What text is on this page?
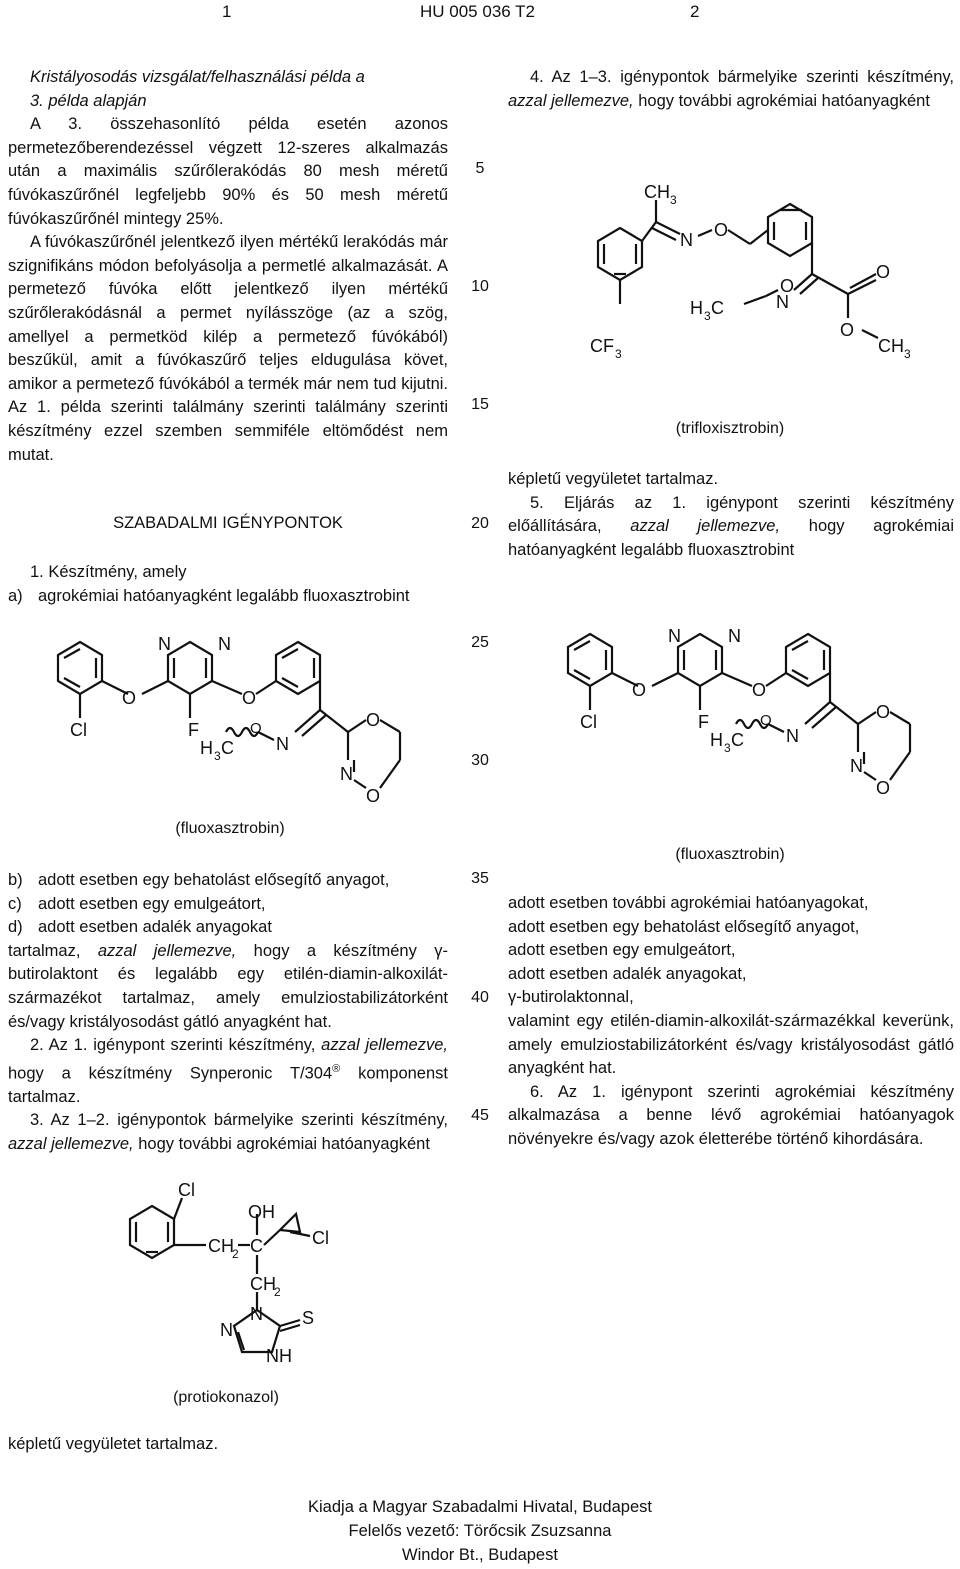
1	HU 005 036 T2	2
5
10
15
20
25
30
35
40
45

Kristályosodás vizsgálat/felhasználási példa a

3. példa alapján

A 3. összehasonlító példa esetén azonos permetezőberendezéssel végzett 12-szeres alkalmazás után a maximális szűrőlerakódás 80 mesh méretű fúvókaszűrőnél legfeljebb 90% és 50 mesh méretű fúvókaszűrőnél mintegy 25%.

A fúvókaszűrőnél jelentkező ilyen mértékű lerakódás már szignifikáns módon befolyásolja a permetlé alkalmazását. A permetező fúvóka előtt jelentkező ilyen mértékű szűrőlerakódásnál a permet nyílásszöge (az a szög, amellyel a permetköd kilép a permetező fúvókából) beszűkül, amit a fúvókaszűrő teljes eldugulása követ, amikor a permetező fúvókából a termék már nem tud kijutni. Az 1. példa szerinti találmány szerinti találmány szerinti készítmény ezzel szemben semmiféle eltömődést nem mutat.

SZABADALMI IGÉNYPONTOK

1. Készítmény, amely

a) agrokémiai hatóanyagként legalább fluoxasztrobint
O
N	N
Cl	F
H 3 C
O
O
N
O
N
O
(fluoxasztrobin)
b) adott esetben egy behatolást elősegítő anyagot,
c) adott esetben egy emulgeátort,
d) adott esetben adalék anyagokat

tartalmaz, azzal jellemezve, hogy a készítmény γ-butirolaktont és legalább egy etilén-diamin-alkoxilát-származékot tartalmaz, amely emulziostabilizátorként és/vagy kristályosodást gátló anyagként hat.

2. Az 1. igénypont szerinti készítmény, azzal jellemezve, hogy a készítmény Synperonic T/304® komponenst tartalmaz.

3. Az 1–2. igénypontok bármelyike szerinti készítmény, azzal jellemezve, hogy további agrokémiai hatóanyagként

Cl
CH
2 C
OH
Cl
CH
2
N
N
S
NH
(protiokonazol)
képletű vegyületet tartalmaz.

4. Az 1–3. igénypontok bármelyike szerinti készítmény, azzal jellemezve, hogy további agrokémiai hatóanyagként

CH 3
N O
O
O
CH 3
H 3 C
O
N
CF 3
(trifloxisztrobin)

képletű vegyületet tartalmaz.

5. Eljárás az 1. igénypont szerinti készítmény előállítására, azzal jellemezve, hogy agrokémiai hatóanyagként legalább fluoxasztrobint

O
N	N
Cl	F
H 3 C
O
O
N
O
N
O
(fluoxasztrobin)

adott esetben további agrokémiai hatóanyagokat,

adott esetben egy behatolást elősegítő anyagot,

adott esetben egy emulgeátort,

adott esetben adalék anyagokat,

γ-butirolaktonnal,

valamint egy etilén-diamin-alkoxilát-származékkal keverünk, amely emulziostabilizátorként és/vagy kristályosodást gátló anyagként hat.

6. Az 1. igénypont szerinti agrokémiai készítmény alkalmazása a benne lévő agrokémiai hatóanyagok növényekre és/vagy azok életterébe történő kihordására.

Kiadja a Magyar Szabadalmi Hivatal, Budapest
Felelős vezető: Törőcsik Zsuzsanna
Windor Bt., Budapest
